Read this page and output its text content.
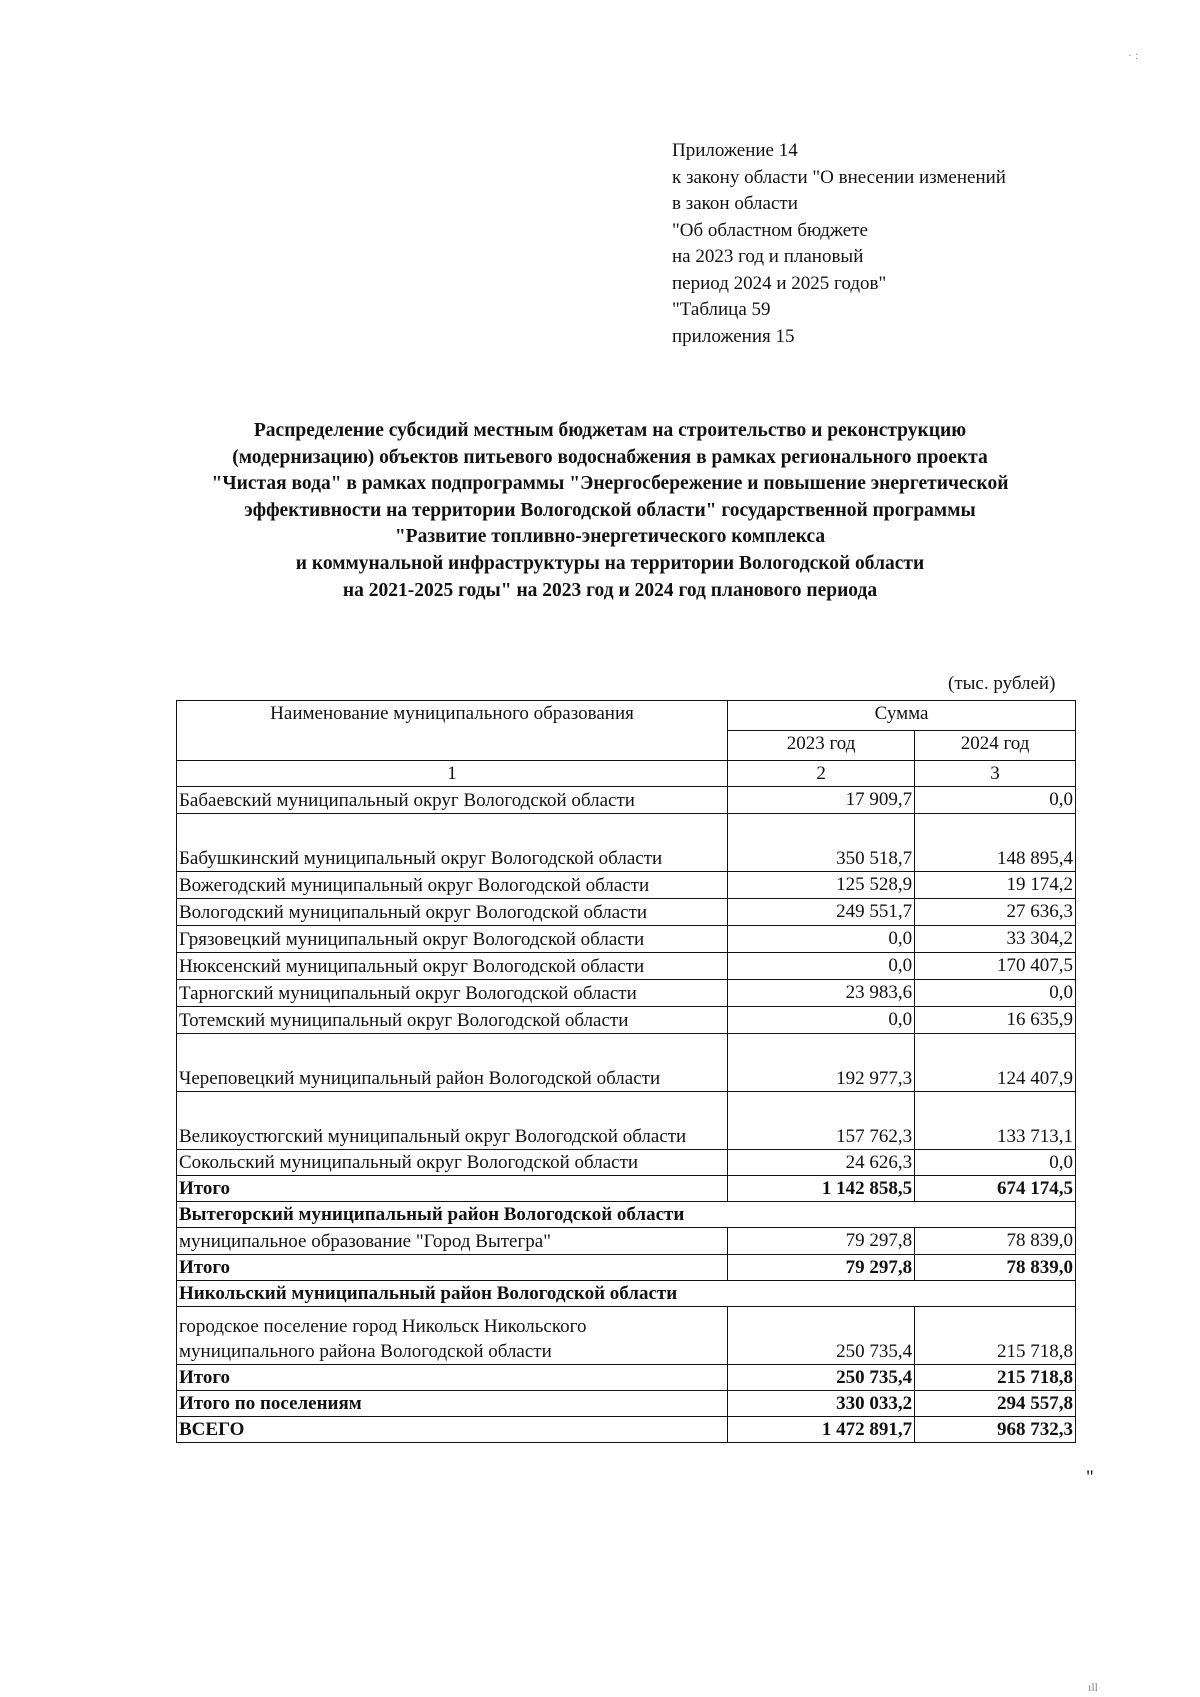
Приложение 14
к закону области "О внесении изменений
в закон области
"Об областном бюджете
на 2023 год и плановый
период 2024 и 2025 годов"
"Таблица 59
приложения 15
Распределение субсидий местным бюджетам на строительство и реконструкцию
(модернизацию) объектов питьевого водоснабжения в рамках регионального проекта
"Чистая вода" в рамках подпрограммы "Энергосбережение и повышение энергетической
эффективности на территории Вологодской области" государственной программы
"Развитие топливно-энергетического комплекса
и коммунальной инфраструктуры на территории Вологодской области
на 2021-2025 годы" на 2023 год и 2024 год планового периода
(тыс. рублей)
Наименование муниципального образования	Сумма	
	2023 год	2024 год
1	2	3
Бабаевский муниципальный округ Вологодской области	17 909,7	0,0
Бабушкинский муниципальный округ Вологодской области	350 518,7	148 895,4
Вожегодский муниципальный округ Вологодской области	125 528,9	19 174,2
Вологодский муниципальный округ Вологодской области	249 551,7	27 636,3
Грязовецкий муниципальный округ Вологодской области	0,0	33 304,2
Нюксенский муниципальный округ Вологодской области	0,0	170 407,5
Тарногский муниципальный округ Вологодской области	23 983,6	0,0
Тотемский муниципальный округ Вологодской области	0,0	16 635,9
Череповецкий муниципальный район Вологодской области	192 977,3	124 407,9
Великоустюгский муниципальный округ Вологодской области	157 762,3	133 713,1
Сокольский муниципальный округ Вологодской области	24 626,3	0,0
Итого	1 142 858,5	674 174,5
Вытегорский муниципальный район Вологодской области		
муниципальное образование "Город Вытегра"	79 297,8	78 839,0
Итого	79 297,8	78 839,0
Никольский муниципальный район Вологодской области		
городское поселение город Никольск Никольского муниципального района Вологодской области	250 735,4	215 718,8
Итого	250 735,4	215 718,8
Итого по поселениям	330 033,2	294 557,8
ВСЕГО	1 472 891,7	968 732,3
"
· :
ıll
